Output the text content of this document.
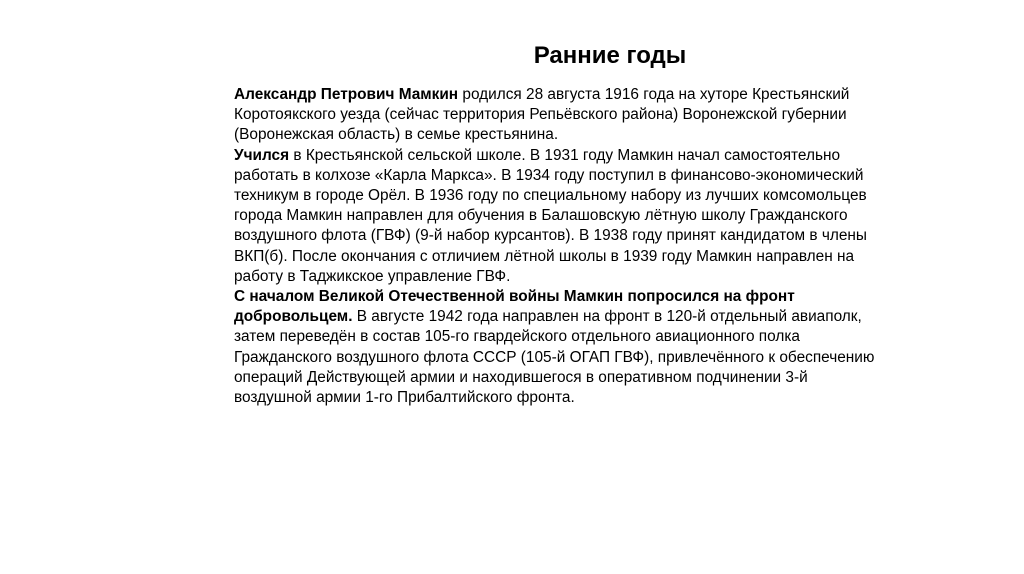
Ранние годы
Александр Петрович Мамкин родился 28 августа 1916 года на хуторе Крестьянский
Коротоякского уезда (сейчас территория Репьёвского района) Воронежской губернии
(Воронежская область) в семье крестьянина.
Учился в Крестьянской сельской школе. В 1931 году Мамкин начал самостоятельно
работать в колхозе «Карла Маркса». В 1934 году поступил в финансово-экономический
техникум в городе Орёл. В 1936 году по специальному набору из лучших комсомольцев
города Мамкин направлен для обучения в Балашовскую лётную школу Гражданского
воздушного флота (ГВФ) (9-й набор курсантов). В 1938 году принят кандидатом в члены
ВКП(б). После окончания с отличием лётной школы в 1939 году Мамкин направлен на
работу в Таджикское управление ГВФ.
С началом Великой Отечественной войны Мамкин попросился на фронт
добровольцем. В августе 1942 года направлен на фронт в 120-й отдельный авиаполк,
затем переведён в состав 105-го гвардейского отдельного авиационного полка
Гражданского воздушного флота СССР (105-й ОГАП ГВФ), привлечённого к обеспечению
операций Действующей армии и находившегося в оперативном подчинении 3-й
воздушной армии 1-го Прибалтийского фронта.
